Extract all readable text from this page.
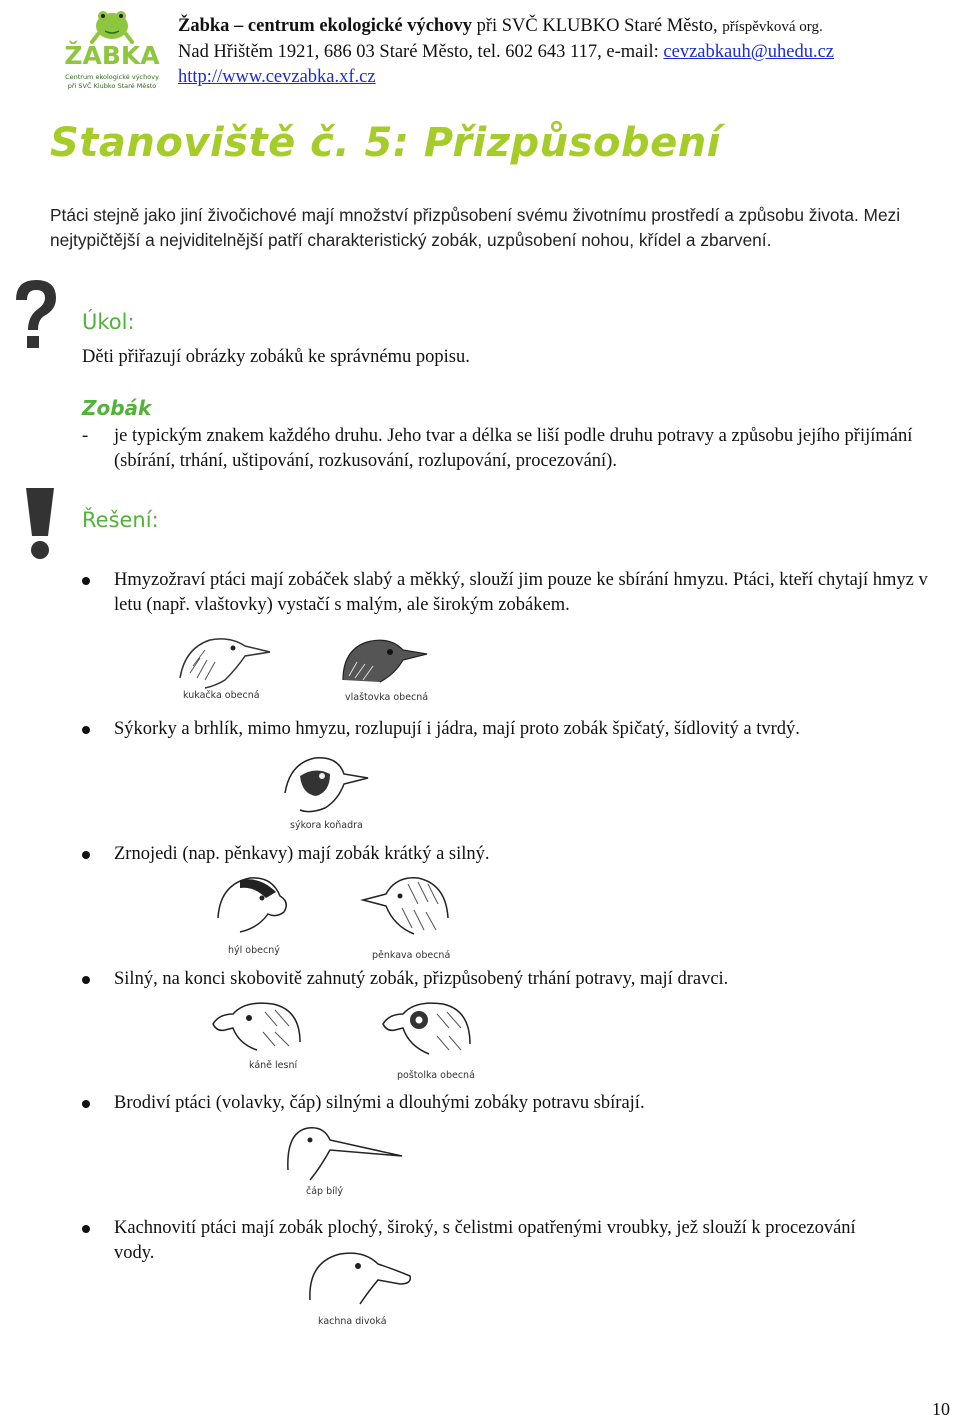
ŽABKA
Centrum ekologické výchovy
při SVČ Klubko Staré Město
Žabka – centrum ekologické výchovy při SVČ KLUBKO Staré Město, příspěvková org.
Nad Hřištěm 1921, 686 03 Staré Město, tel. 602 643 117, e-mail: cevzabkauh@uhedu.cz
http://www.cevzabka.xf.cz
Stanoviště č. 5: Přizpůsobení
Ptáci stejně jako jiní živočichové mají množství přizpůsobení svému životnímu prostředí a způsobu života. Mezi nejtypičtější a nejviditelnější patří charakteristický zobák, uzpůsobení nohou, křídel a zbarvení.
Úkol:
Děti přiřazují obrázky zobáků ke správnému popisu.
Zobák
- je typickým znakem každého druhu. Jeho tvar a délka se liší podle druhu potravy a způsobu jejího přijímání (sbírání, trhání, uštipování, rozkusování, rozlupování, procezování).
Řešení:
Hmyzožraví ptáci mají zobáček slabý a měkký, slouží jim pouze ke sbírání hmyzu. Ptáci, kteří chytají hmyz v letu (např. vlaštovky) vystačí s malým, ale širokým zobákem.
kukačka obecná	vlaštovka obecná
Sýkorky a brhlík, mimo hmyzu, rozlupují i jádra, mají proto zobák špičatý, šídlovitý a tvrdý.
sýkora koňadra
Zrnojedi (nap. pěnkavy) mají zobák krátký a silný.
hýl obecný	pěnkava obecná
Silný, na konci skobovitě zahnutý zobák, přizpůsobený trhání potravy, mají dravci.
káně lesní
poštolka obecná
Brodiví ptáci (volavky, čáp) silnými a dlouhými zobáky potravu sbírají.
čáp bílý
Kachnovití ptáci mají zobák plochý, široký, s čelistmi opatřenými vroubky, jež slouží k procezování vody.
kachna divoká
10
